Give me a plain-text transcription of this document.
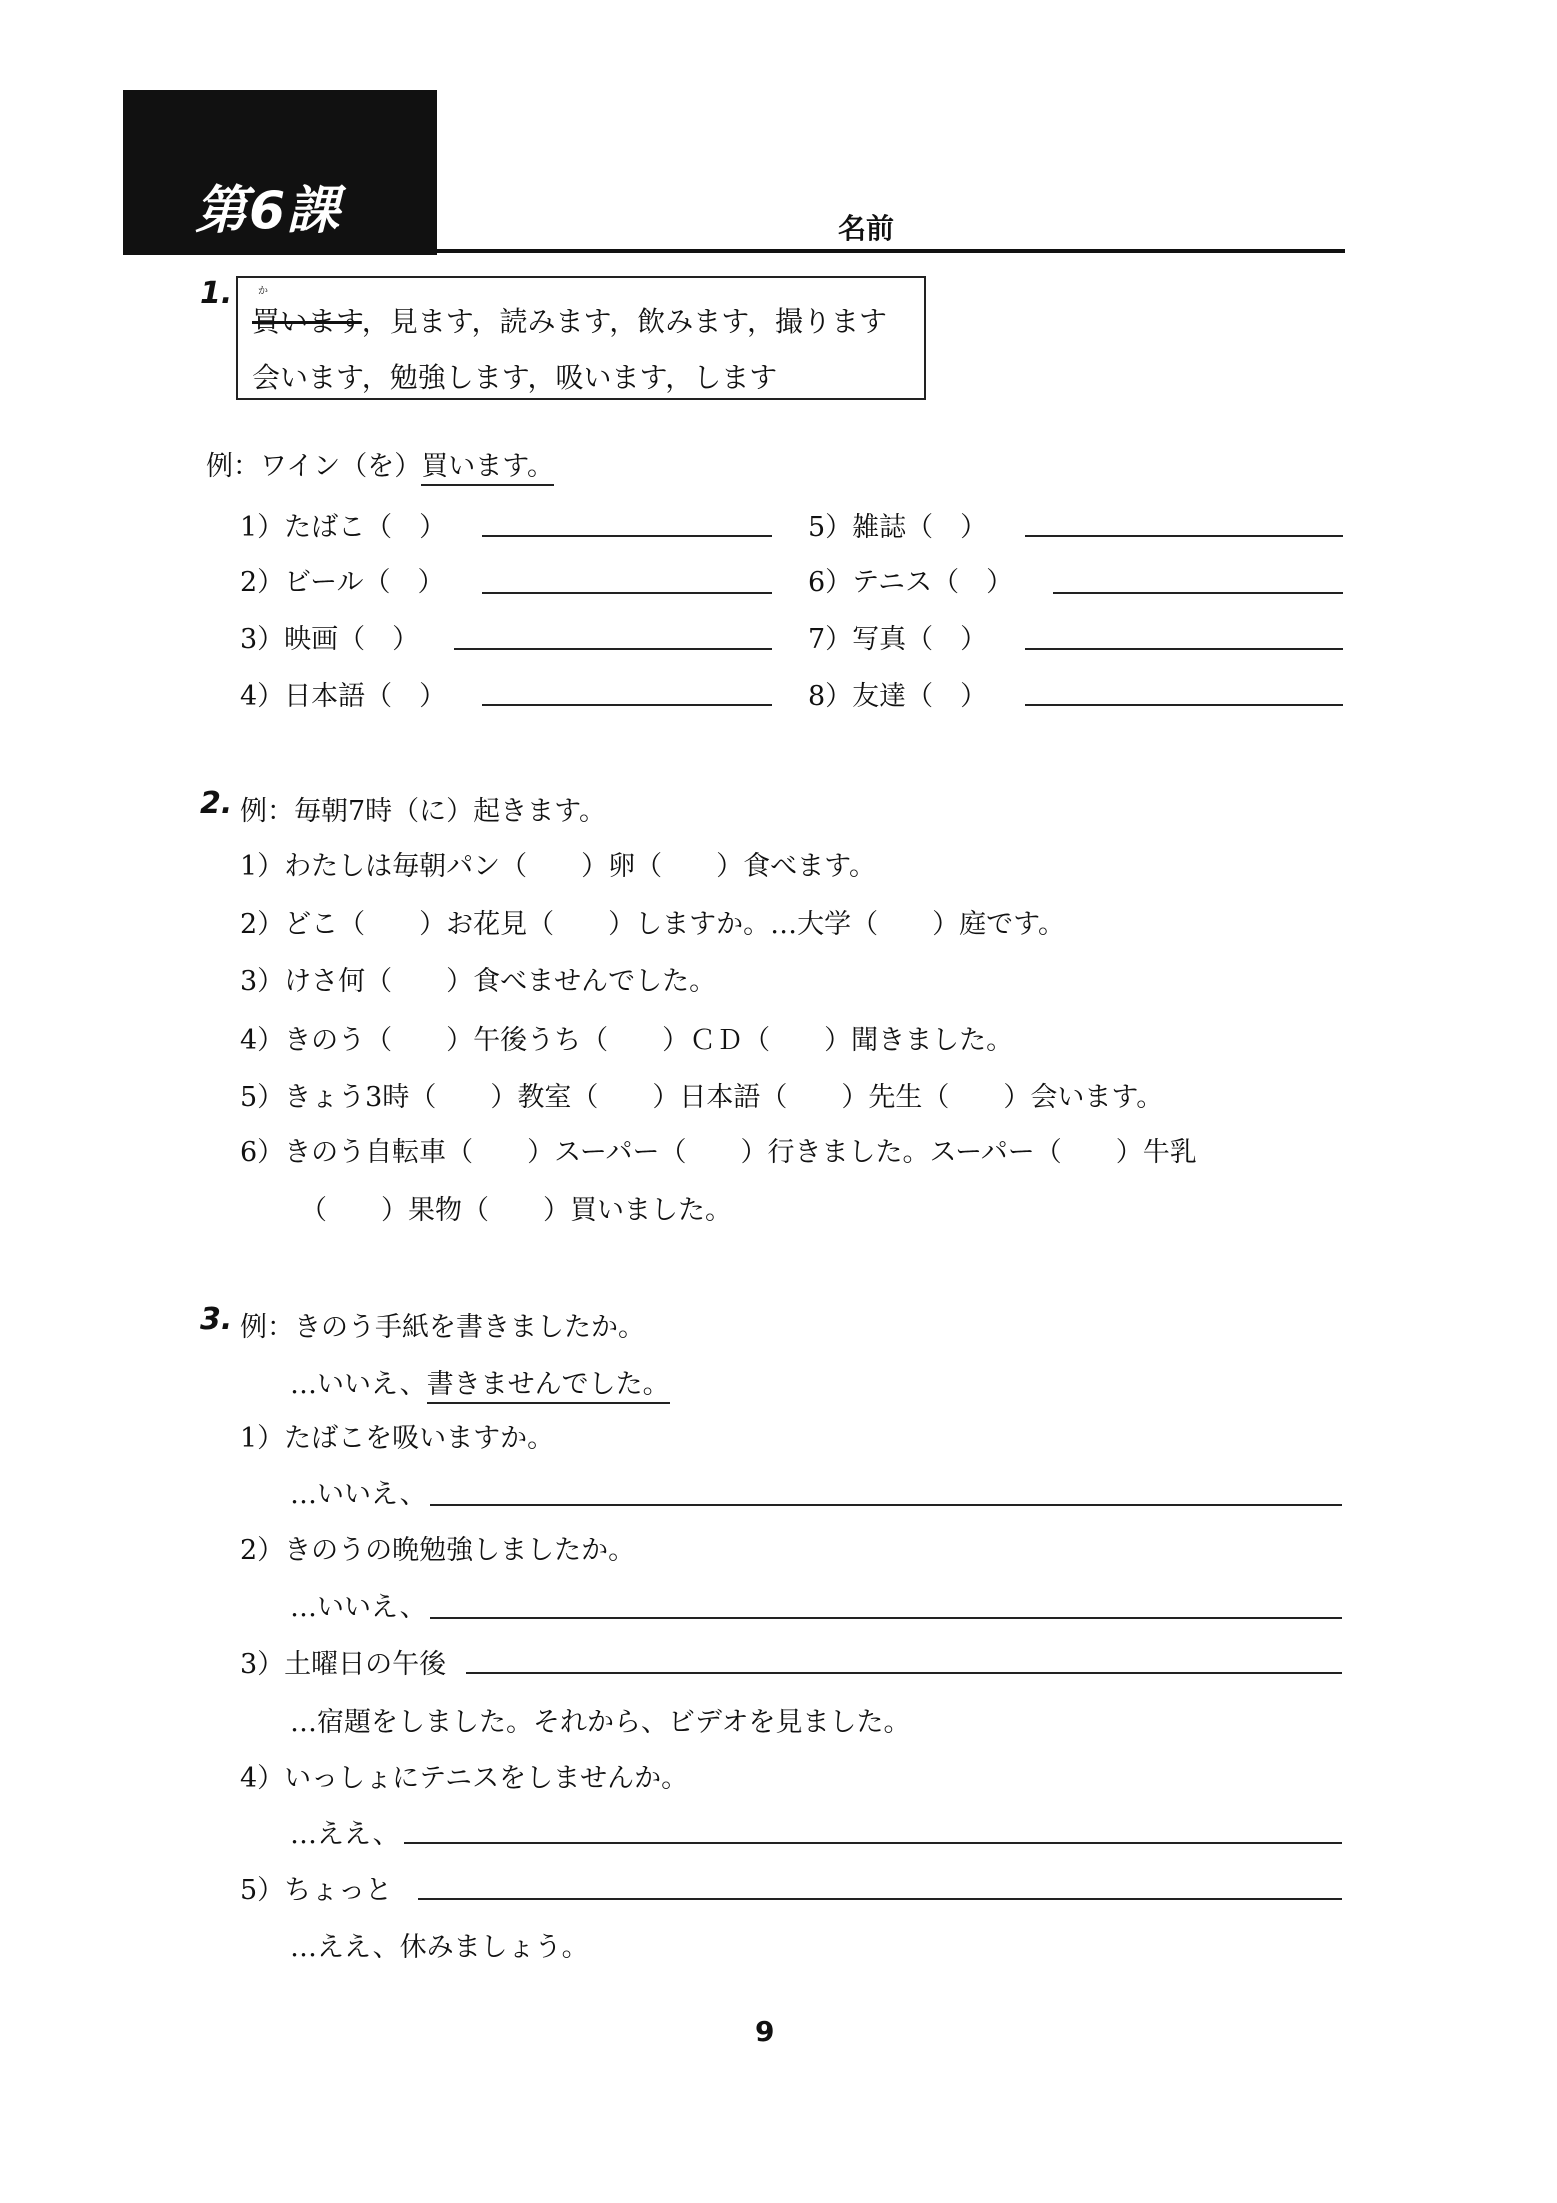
第6課	名前
1.	か
買います，見ます，読みます，飲みます，撮ります
会います，勉強します，吸います，します
例：ワイン（を）買います。
1）たばこ（　）
2）ビール（　）
3）映画（　）
4）日本語（　）
5）雑誌（　）
6）テニス（　）
7）写真（　）
8）友達（　）
2. 例：毎朝7時（に）起きます。
1）わたしは毎朝パン（　　）卵（　　）食べます。
2）どこ（　　）お花見（　　）しますか。…大学（　　）庭です。
3）けさ何（　　）食べませんでした。
4）きのう（　　）午後うち（　　）ＣＤ（　　）聞きました。
5）きょう3時（　　）教室（　　）日本語（　　）先生（　　）会います。
6）きのう自転車（　　）スーパー（　　）行きました。スーパー（　　）牛乳
（　　）果物（　　）買いました。
3. 例：きのう手紙を書きましたか。
…いいえ、書きませんでした。
1）たばこを吸いますか。
…いいえ、
2）きのうの晩勉強しましたか。
…いいえ、
3）土曜日の午後
…宿題をしました。それから、ビデオを見ました。
4）いっしょにテニスをしませんか。
…ええ、
5）ちょっと
…ええ、休みましょう。
9
